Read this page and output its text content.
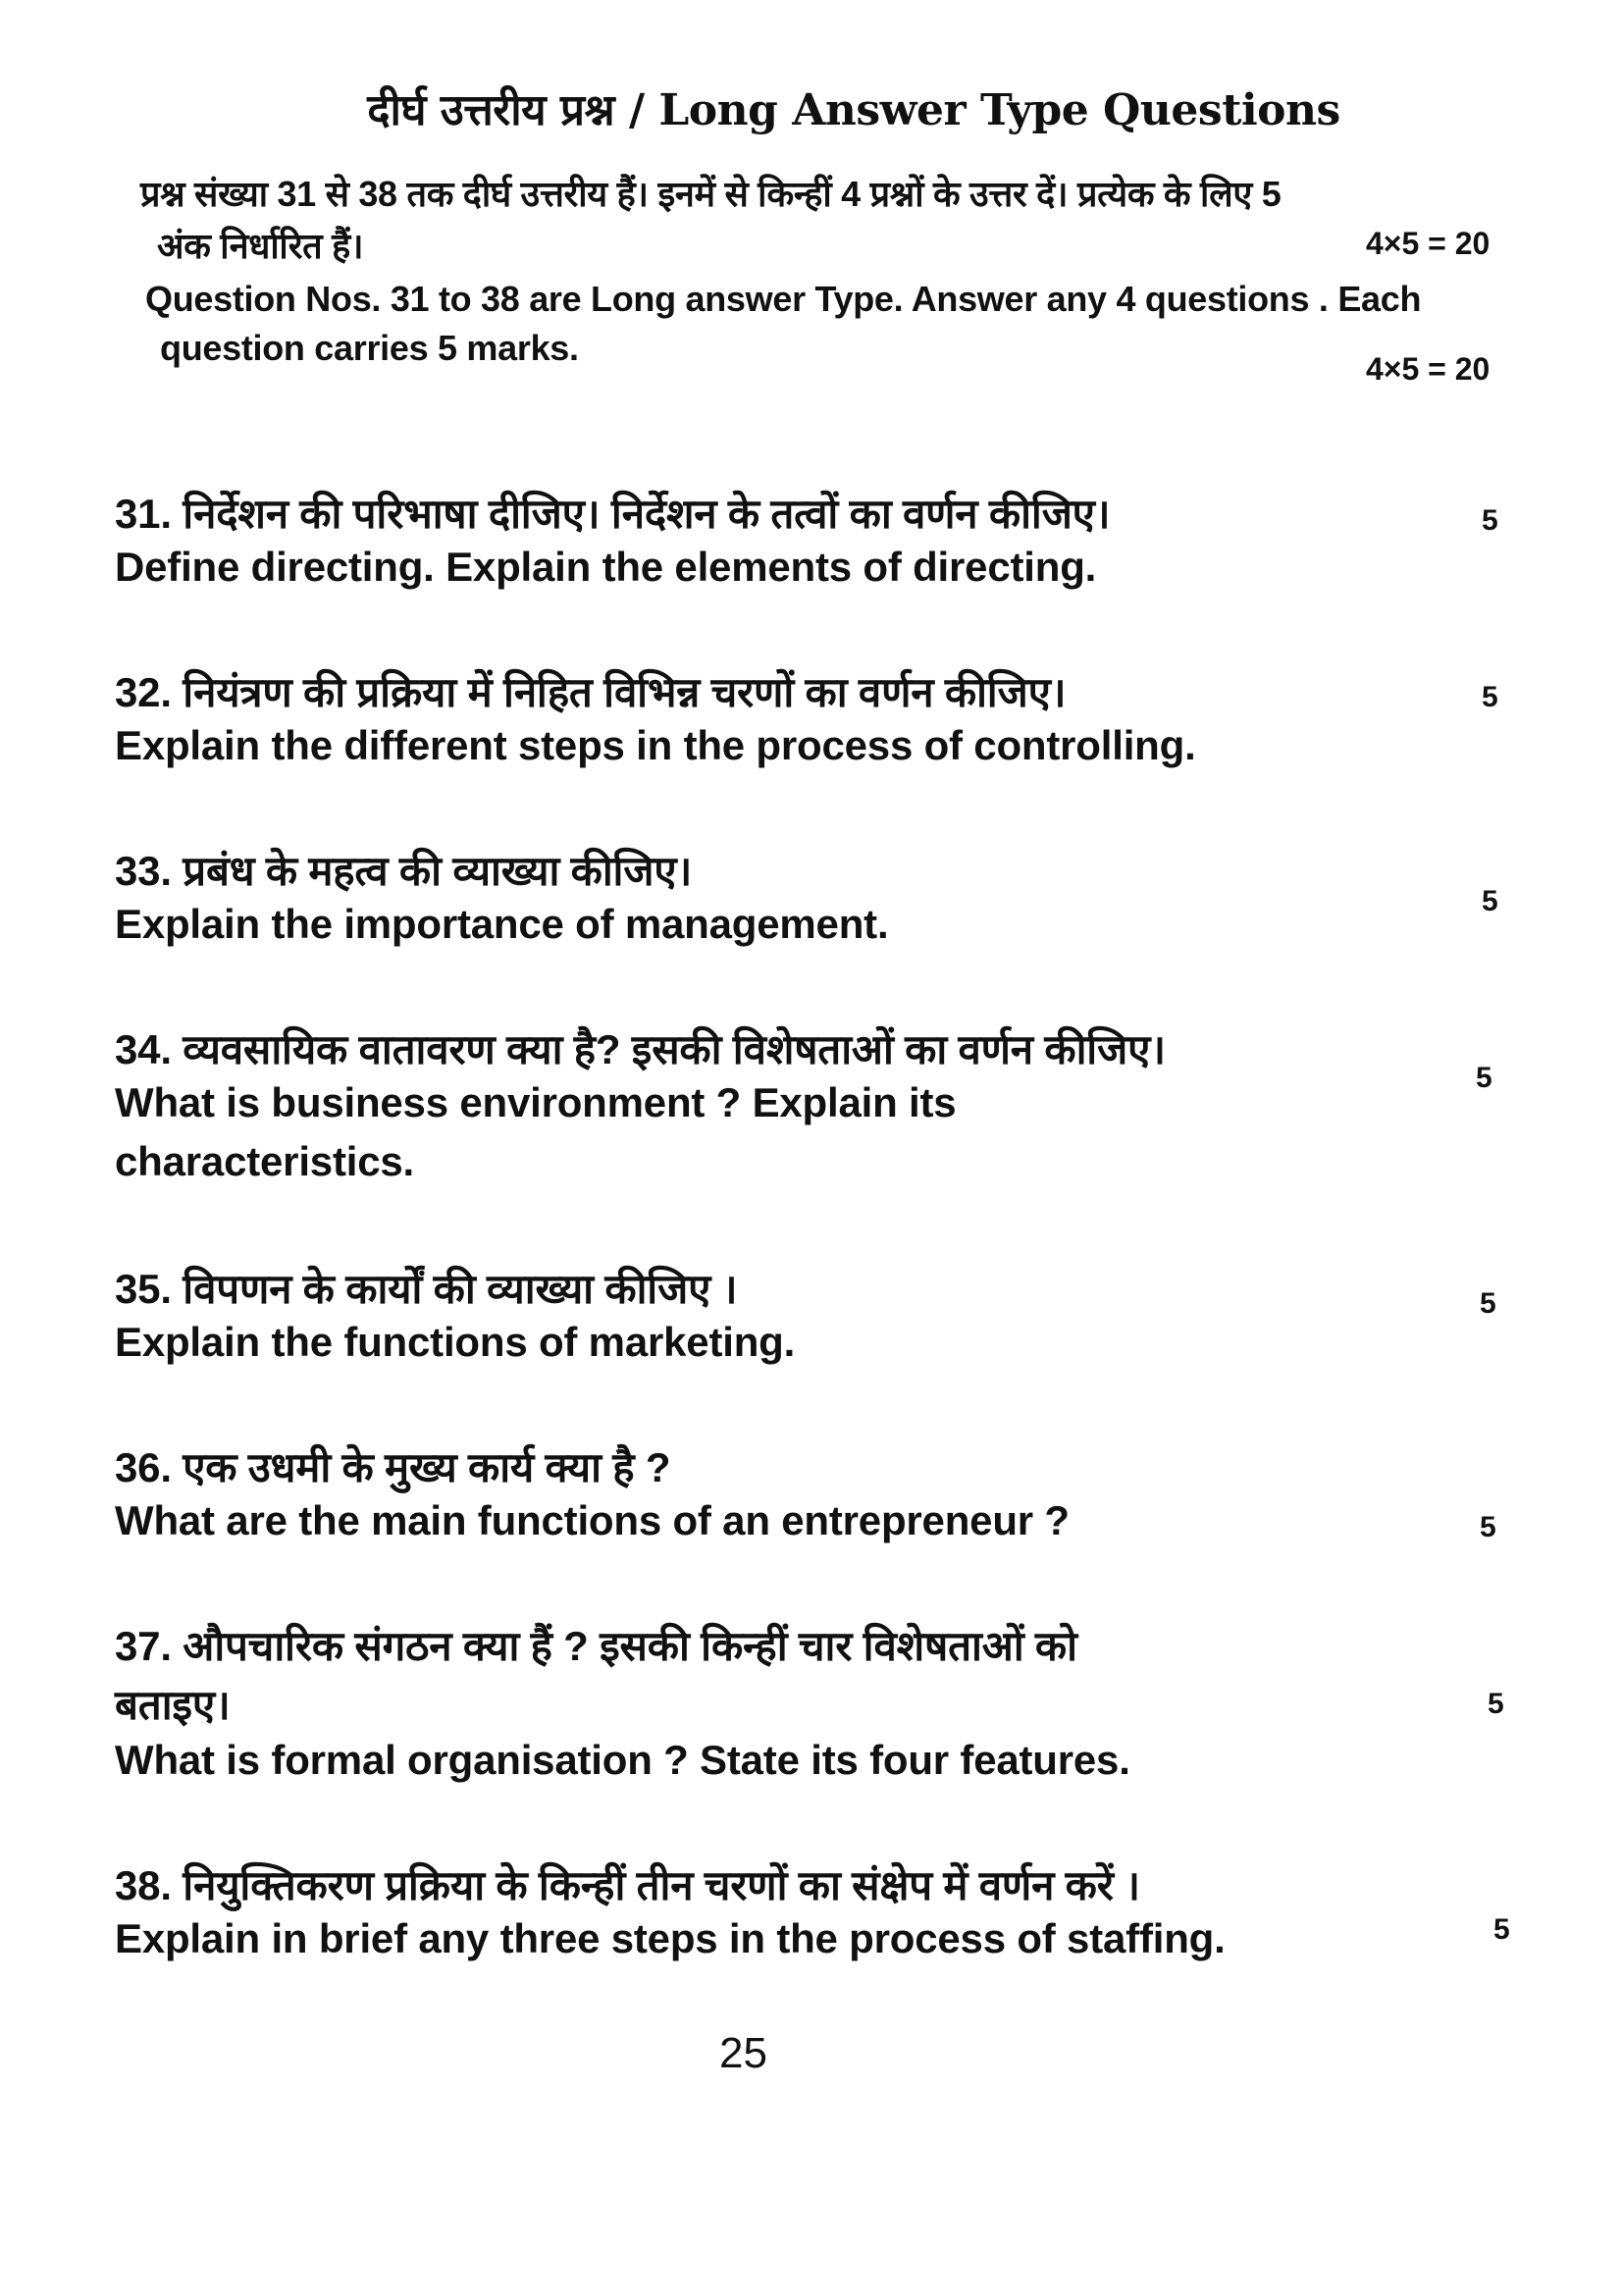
दीर्घ उत्तरीय प्रश्न / Long Answer Type Questions
प्रश्न संख्या 31 से 38 तक दीर्घ उत्तरीय हैं। इनमें से किन्हीं 4 प्रश्नों के उत्तर दें। प्रत्येक के लिए 5
अंक निर्धारित हैं।	4×5 = 20
Question Nos. 31 to 38 are Long answer Type. Answer any 4 questions . Each
question carries 5 marks.
4×5 = 20
31. निर्देशन की परिभाषा दीजिए। निर्देशन के तत्वों का वर्णन कीजिए।
Define directing. Explain the elements of directing.
5
32. नियंत्रण की प्रक्रिया में निहित विभिन्न चरणों का वर्णन कीजिए।
Explain the different steps in the process of controlling.
5
33. प्रबंध के महत्व की व्याख्या कीजिए।
Explain the importance of management.	5
34. व्यवसायिक वातावरण क्या है? इसकी विशेषताओं का वर्णन कीजिए।
What is business environment ? Explain its
characteristics.
5
35. विपणन के कार्यों की व्याख्या कीजिए ।
Explain the functions of marketing.
5
36. एक उधमी के मुख्य कार्य क्या है ?
What are the main functions of an entrepreneur ?	5
37. औपचारिक संगठन क्या हैं ? इसकी किन्हीं चार विशेषताओं को
बताइए।
What is formal organisation ? State its four features.
5
38. नियुक्तिकरण प्रक्रिया के किन्हीं तीन चरणों का संक्षेप में वर्णन करें ।
Explain in brief any three steps in the process of staffing.	5
25
